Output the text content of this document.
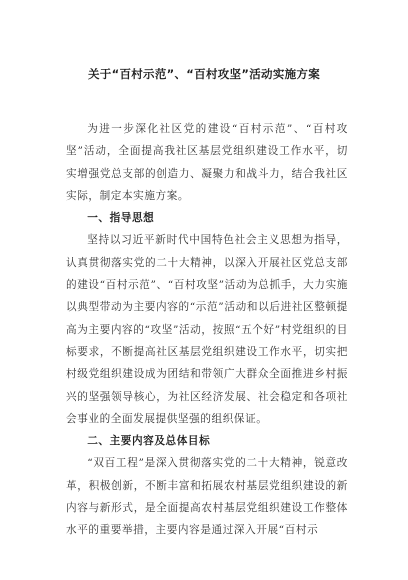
关于“百村示范”、“百村攻坚”活动实施方案

为进一步深化社区党的建设“百村示范”、“百村攻坚”活动，全面提高我社区基层党组织建设工作水平，切实增强党总支部的创造力、凝聚力和战斗力，结合我社区实际，制定本实施方案。

一、指导思想

坚持以习近平新时代中国特色社会主义思想为指导，认真贯彻落实党的二十大精神，以深入开展社区党总支部的建设“百村示范”、“百村攻坚”活动为总抓手，大力实施以典型带动为主要内容的“示范”活动和以后进社区整顿提高为主要内容的“攻坚”活动，按照“五个好”村党组织的目标要求，不断提高社区基层党组织建设工作水平，切实把村级党组织建设成为团结和带领广大群众全面推进乡村振兴的坚强领导核心，为社区经济发展、社会稳定和各项社会事业的全面发展提供坚强的组织保证。

二、主要内容及总体目标

“双百工程”是深入贯彻落实党的二十大精神，锐意改革，积极创新，不断丰富和拓展农村基层党组织建设的新内容与新形式，是全面提高农村基层党组织建设工作整体水平的重要举措，主要内容是通过深入开展“百村示
